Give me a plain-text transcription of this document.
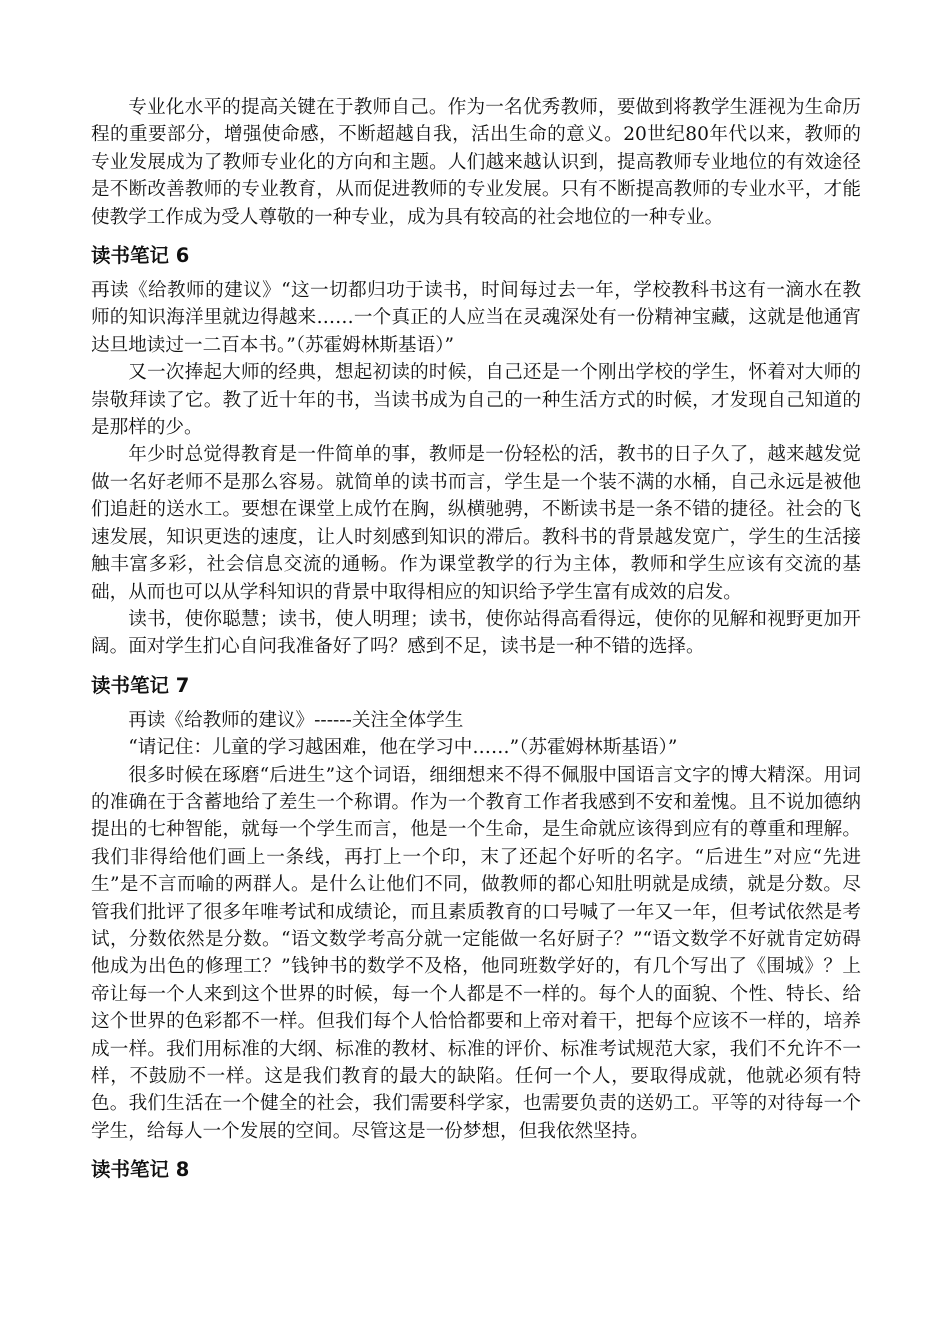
专业化水平的提高关键在于教师自己。作为一名优秀教师，要做到将教学生涯视为生命历程的重要部分，增强使命感，不断超越自我，活出生命的意义。20世纪80年代以来，教师的专业发展成为了教师专业化的方向和主题。人们越来越认识到，提高教师专业地位的有效途径是不断改善教师的专业教育，从而促进教师的专业发展。只有不断提高教师的专业水平，才能使教学工作成为受人尊敬的一种专业，成为具有较高的社会地位的一种专业。

读书笔记 6

再读《给教师的建议》“这一切都归功于读书，时间每过去一年，学校教科书这有一滴水在教师的知识海洋里就边得越来……一个真正的人应当在灵魂深处有一份精神宝藏，这就是他通宵达旦地读过一二百本书。”（苏霍姆林斯基语）”

又一次捧起大师的经典，想起初读的时候，自己还是一个刚出学校的学生，怀着对大师的崇敬拜读了它。教了近十年的书，当读书成为自己的一种生活方式的时候，才发现自己知道的是那样的少。

年少时总觉得教育是一件简单的事，教师是一份轻松的活，教书的日子久了，越来越发觉做一名好老师不是那么容易。就简单的读书而言，学生是一个装不满的水桶，自己永远是被他们追赶的送水工。要想在课堂上成竹在胸，纵横驰骋，不断读书是一条不错的捷径。社会的飞速发展，知识更迭的速度，让人时刻感到知识的滞后。教科书的背景越发宽广，学生的生活接触丰富多彩，社会信息交流的通畅。作为课堂教学的行为主体，教师和学生应该有交流的基础，从而也可以从学科知识的背景中取得相应的知识给予学生富有成效的启发。

读书，使你聪慧；读书，使人明理；读书，使你站得高看得远，使你的见解和视野更加开阔。面对学生扪心自问我准备好了吗？感到不足，读书是一种不错的选择。

读书笔记 7

再读《给教师的建议》------关注全体学生

“请记住：儿童的学习越困难，他在学习中……”（苏霍姆林斯基语）”

很多时候在琢磨“后进生”这个词语，细细想来不得不佩服中国语言文字的博大精深。用词的准确在于含蓄地给了差生一个称谓。作为一个教育工作者我感到不安和羞愧。且不说加德纳提出的七种智能，就每一个学生而言，他是一个生命，是生命就应该得到应有的尊重和理解。我们非得给他们画上一条线，再打上一个印，末了还起个好听的名字。“后进生”对应“先进生”是不言而喻的两群人。是什么让他们不同，做教师的都心知肚明就是成绩，就是分数。尽管我们批评了很多年唯考试和成绩论，而且素质教育的口号喊了一年又一年，但考试依然是考试，分数依然是分数。“语文数学考高分就一定能做一名好厨子？”“语文数学不好就肯定妨碍他成为出色的修理工？”钱钟书的数学不及格，他同班数学好的，有几个写出了《围城》？上帝让每一个人来到这个世界的时候，每一个人都是不一样的。每个人的面貌、个性、特长、给这个世界的色彩都不一样。但我们每个人恰恰都要和上帝对着干，把每个应该不一样的，培养成一样。我们用标准的大纲、标准的教材、标准的评价、标准考试规范大家，我们不允许不一样，不鼓励不一样。这是我们教育的最大的缺陷。任何一个人，要取得成就，他就必须有特色。我们生活在一个健全的社会，我们需要科学家，也需要负责的送奶工。平等的对待每一个学生，给每人一个发展的空间。尽管这是一份梦想，但我依然坚持。

读书笔记 8
